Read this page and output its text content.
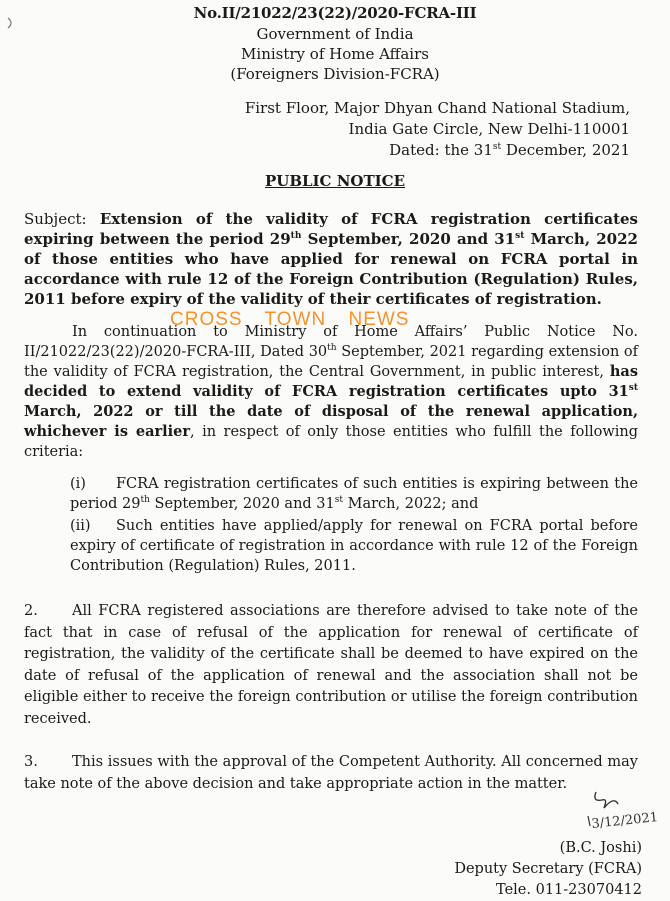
No.II/21022/23(22)/2020-FCRA-III

Government of India

Ministry of Home Affairs

(Foreigners Division-FCRA)

First Floor, Major Dhyan Chand National Stadium,
India Gate Circle, New Delhi-110001
Dated: the 31st December, 2021

PUBLIC NOTICE

Subject: Extension of the validity of FCRA registration certificates expiring between the period 29th September, 2020 and 31st March, 2022 of those entities who have applied for renewal on FCRA portal in accordance with rule 12 of the Foreign Contribution (Regulation) Rules, 2011 before expiry of the validity of their certificates of registration.

In continuation to Ministry of Home Affairs’ Public Notice No. II/21022/23(22)/2020-FCRA-III, Dated 30th September, 2021 regarding extension of the validity of FCRA registration, the Central Government, in public interest, has decided to extend validity of FCRA registration certificates upto 31st March, 2022 or till the date of disposal of the renewal application, whichever is earlier, in respect of only those entities who fulfill the following criteria:

(i) FCRA registration certificates of such entities is expiring between the period 29th September, 2020 and 31st March, 2022; and

(ii) Such entities have applied/apply for renewal on FCRA portal before expiry of certificate of registration in accordance with rule 12 of the Foreign Contribution (Regulation) Rules, 2011.

2. All FCRA registered associations are therefore advised to take note of the fact that in case of refusal of the application for renewal of certificate of registration, the validity of the certificate shall be deemed to have expired on the date of refusal of the application of renewal and the association shall not be eligible either to receive the foreign contribution or utilise the foreign contribution received.

3. This issues with the approval of the Competent Authority. All concerned may take note of the above decision and take appropriate action in the matter.

3/12/2021
(B.C. Joshi)
Deputy Secretary (FCRA)
Tele. 011-23070412
CROSS TOWN NEWS
